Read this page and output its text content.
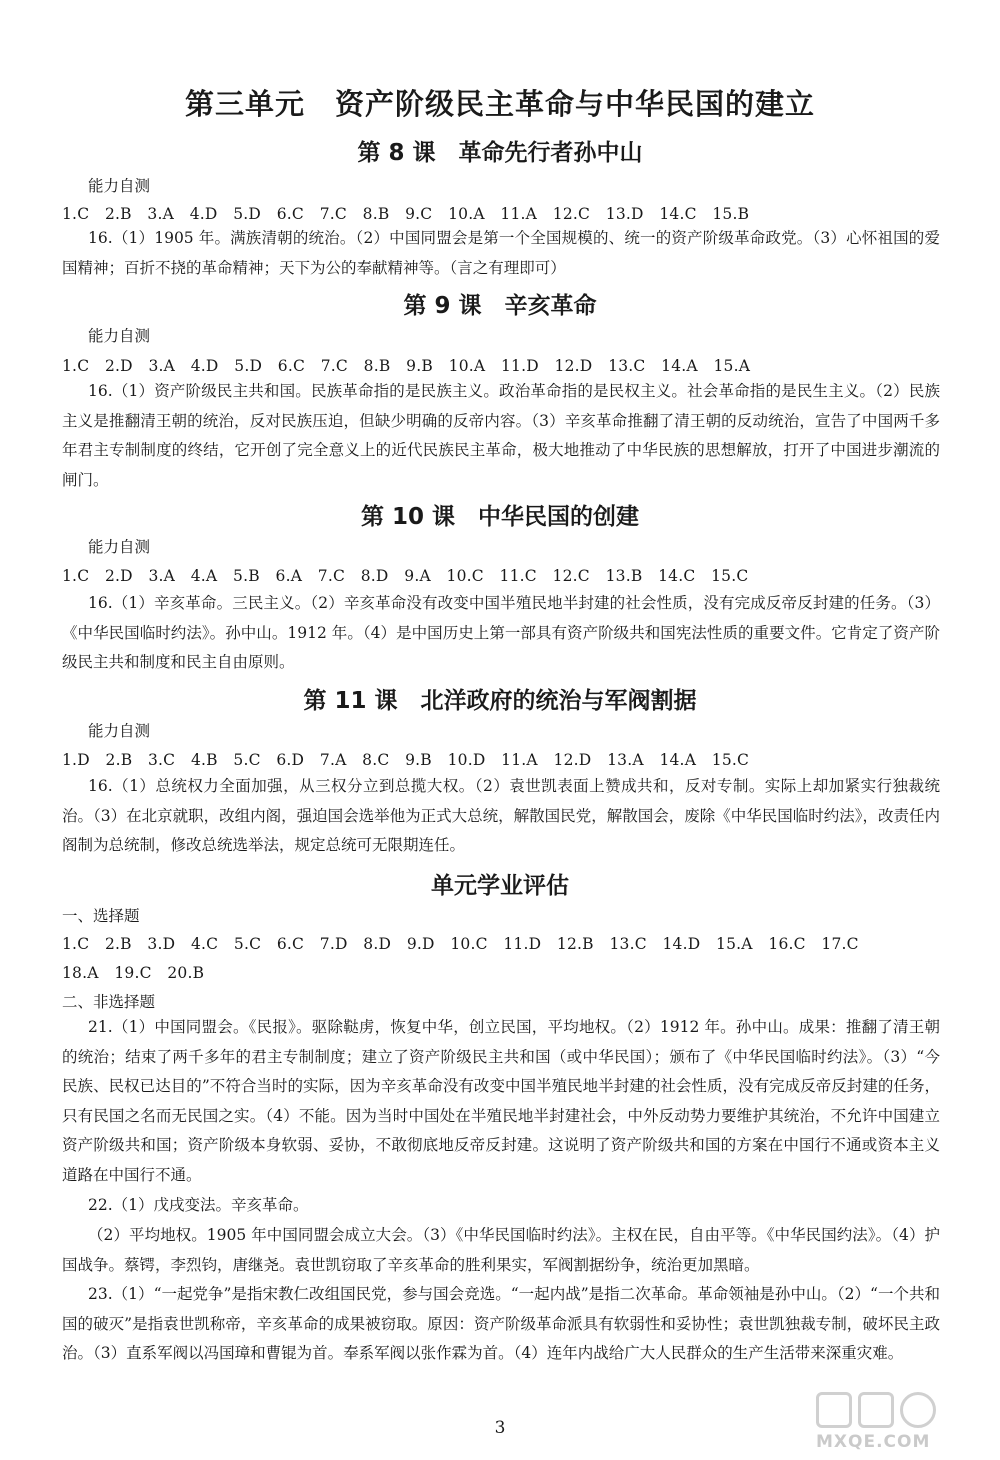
第三单元　资产阶级民主革命与中华民国的建立
第 8 课　革命先行者孙中山

能力自测

1.C　2.B　3.A　4.D　5.D　6.C　7.C　8.B　9.C　10.A　11.A　12.C　13.D　14.C　15.B

16.（1）1905 年。满族清朝的统治。（2）中国同盟会是第一个全国规模的、统一的资产阶级革命政党。（3）心怀祖国的爱国精神；百折不挠的革命精神；天下为公的奉献精神等。（言之有理即可）

第 9 课　辛亥革命

能力自测

1.C　2.D　3.A　4.D　5.D　6.C　7.C　8.B　9.B　10.A　11.D　12.D　13.C　14.A　15.A

16.（1）资产阶级民主共和国。民族革命指的是民族主义。政治革命指的是民权主义。社会革命指的是民生主义。（2）民族主义是推翻清王朝的统治，反对民族压迫，但缺少明确的反帝内容。（3）辛亥革命推翻了清王朝的反动统治，宣告了中国两千多年君主专制制度的终结，它开创了完全意义上的近代民族民主革命，极大地推动了中华民族的思想解放，打开了中国进步潮流的闸门。

第 10 课　中华民国的创建

能力自测

1.C　2.D　3.A　4.A　5.B　6.A　7.C　8.D　9.A　10.C　11.C　12.C　13.B　14.C　15.C

16.（1）辛亥革命。三民主义。（2）辛亥革命没有改变中国半殖民地半封建的社会性质，没有完成反帝反封建的任务。（3）《中华民国临时约法》。孙中山。1912 年。（4）是中国历史上第一部具有资产阶级共和国宪法性质的重要文件。它肯定了资产阶级民主共和制度和民主自由原则。

第 11 课　北洋政府的统治与军阀割据

能力自测

1.D　2.B　3.C　4.B　5.C　6.D　7.A　8.C　9.B　10.D　11.A　12.D　13.A　14.A　15.C

16.（1）总统权力全面加强，从三权分立到总揽大权。（2）袁世凯表面上赞成共和，反对专制。实际上却加紧实行独裁统治。（3）在北京就职，改组内阁，强迫国会选举他为正式大总统，解散国民党，解散国会，废除《中华民国临时约法》，改责任内阁制为总统制，修改总统选举法，规定总统可无限期连任。

单元学业评估

一、选择题

1.C　2.B　3.D　4.C　5.C　6.C　7.D　8.D　9.D　10.C　11.D　12.B　13.C　14.D　15.A　16.C　17.C

18.A　19.C　20.B

二、非选择题

21.（1）中国同盟会。《民报》。驱除鞑虏，恢复中华，创立民国，平均地权。（2）1912 年。孙中山。成果：推翻了清王朝的统治；结束了两千多年的君主专制制度；建立了资产阶级民主共和国（或中华民国）；颁布了《中华民国临时约法》。（3）“今民族、民权已达目的”不符合当时的实际，因为辛亥革命没有改变中国半殖民地半封建的社会性质，没有完成反帝反封建的任务，只有民国之名而无民国之实。（4）不能。因为当时中国处在半殖民地半封建社会，中外反动势力要维护其统治，不允许中国建立资产阶级共和国；资产阶级本身软弱、妥协，不敢彻底地反帝反封建。这说明了资产阶级共和国的方案在中国行不通或资本主义道路在中国行不通。

22.（1）戊戌变法。辛亥革命。

（2）平均地权。1905 年中国同盟会成立大会。（3）《中华民国临时约法》。主权在民，自由平等。《中华民国约法》。（4）护国战争。蔡锷，李烈钧，唐继尧。袁世凯窃取了辛亥革命的胜利果实，军阀割据纷争，统治更加黑暗。

23.（1）“一起党争”是指宋教仁改组国民党，参与国会竞选。“一起内战”是指二次革命。革命领袖是孙中山。（2）“一个共和国的破灭”是指袁世凯称帝，辛亥革命的成果被窃取。原因：资产阶级革命派具有软弱性和妥协性；袁世凯独裁专制，破坏民主政治。（3）直系军阀以冯国璋和曹锟为首。奉系军阀以张作霖为首。（4）连年内战给广大人民群众的生产生活带来深重灾难。

3

MXQE.COM
